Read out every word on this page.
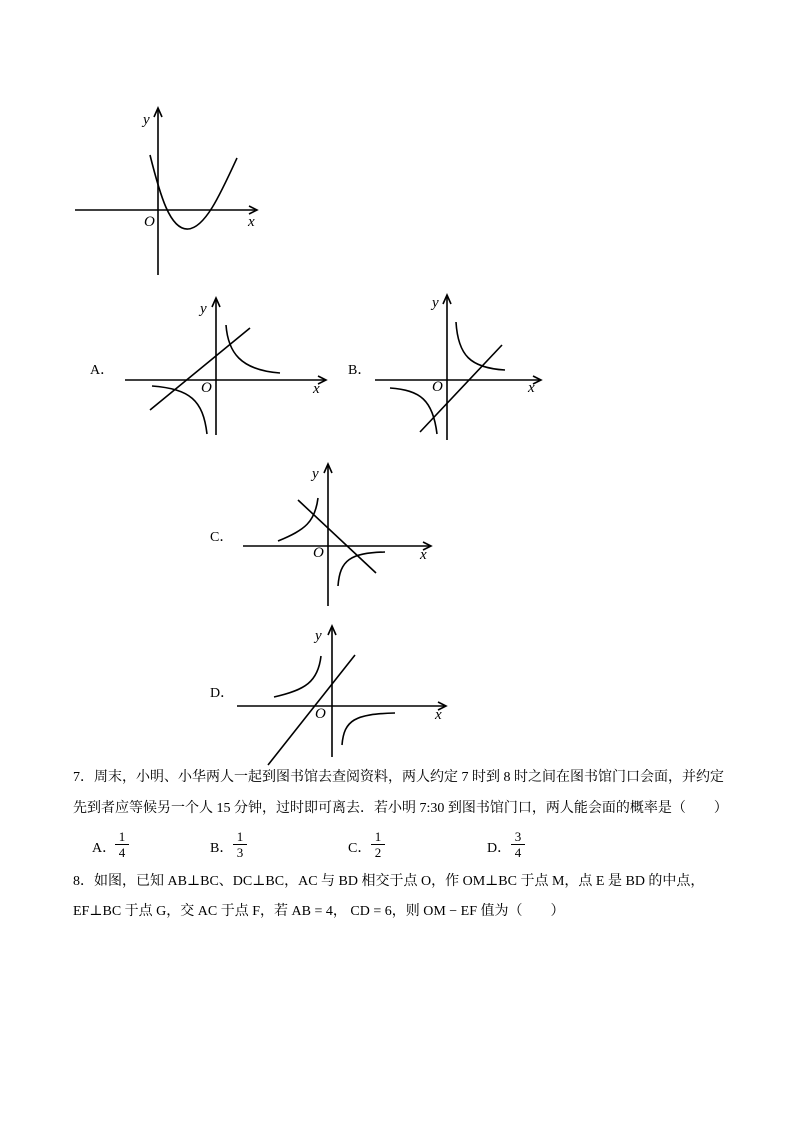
y
x
O
y
x
O
A．
y
x
O
B．
y
x
O
C．
y
x
O
D．
7．周末，小明、小华两人一起到图书馆去查阅资料，两人约定 7 时到 8 时之间在图书馆门口会面，并约定
先到者应等候另一个人 15 分钟，过时即可离去．若小明 7:30 到图书馆门口，两人能会面的概率是（　　）
A．
$\frac{1}{4}$	B． $\frac{1}{3}$	C． $\frac{1}{2}$	D． $\frac{3}{4}$
8．如图，已知 AB⊥BC、DC⊥BC，AC 与 BD 相交于点 O，作 OM⊥BC 于点 M，点 E 是 BD 的中点，
EF⊥BC 于点 G，交 AC 于点 F，若 AB = 4， CD = 6，则 OM − EF 值为（　　）
